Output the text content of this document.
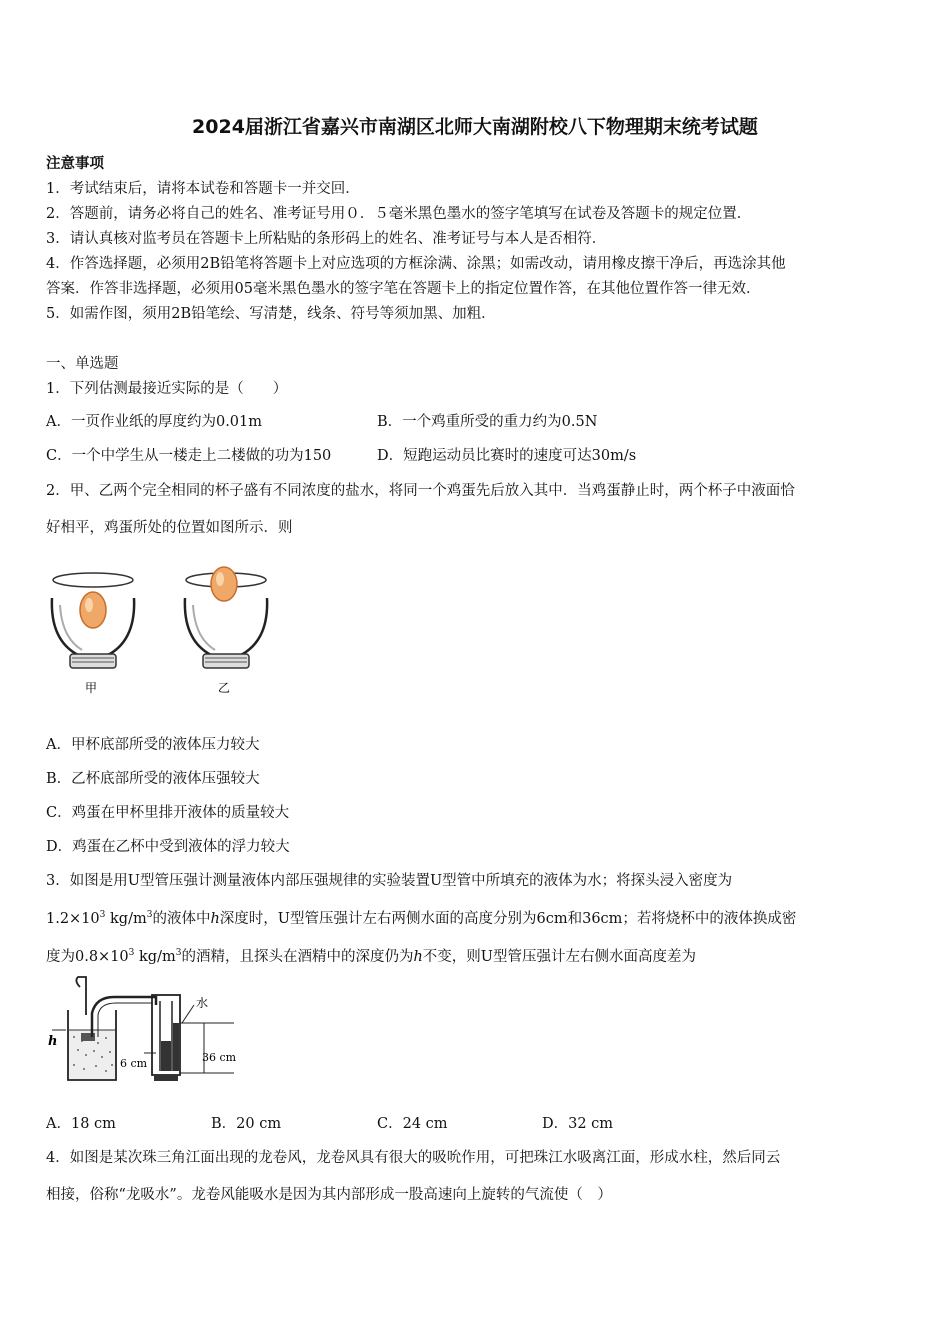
2024届浙江省嘉兴市南湖区北师大南湖附校八下物理期末统考试题
注意事项
1．考试结束后，请将本试卷和答题卡一并交回．
2．答题前，请务必将自己的姓名、准考证号用０．５毫米黑色墨水的签字笔填写在试卷及答题卡的规定位置．
3．请认真核对监考员在答题卡上所粘贴的条形码上的姓名、准考证号与本人是否相符．
4．作答选择题，必须用2B铅笔将答题卡上对应选项的方框涂满、涂黑；如需改动，请用橡皮擦干净后，再选涂其他
答案．作答非选择题，必须用05毫米黑色墨水的签字笔在答题卡上的指定位置作答，在其他位置作答一律无效．
5．如需作图，须用2B铅笔绘、写清楚，线条、符号等须加黑、加粗．
一、单选题
1．下列估测最接近实际的是（　　）
A．一页作业纸的厚度约为0.01m	B．一个鸡重所受的重力约为0.5N
C．一个中学生从一楼走上二楼做的功为150	D．短跑运动员比赛时的速度可达30m/s
2．甲、乙两个完全相同的杯子盛有不同浓度的盐水，将同一个鸡蛋先后放入其中．当鸡蛋静止时，两个杯子中液面恰
好相平，鸡蛋所处的位置如图所示．则
甲	乙
A．甲杯底部所受的液体压力较大
B．乙杯底部所受的液体压强较大
C．鸡蛋在甲杯里排开液体的质量较大
D．鸡蛋在乙杯中受到液体的浮力较大
3．如图是用U型管压强计测量液体内部压强规律的实验装置U型管中所填充的液体为水；将探头浸入密度为
$1.2\times 10^3$ $kg/m^3$的液体中h深度时，U型管压强计左右两侧水面的高度分别为6cm和36cm；若将烧杯中的液体换成密
度为$0.8\times 10^3$ $kg/m^3$的酒精，且探头在酒精中的深度仍为h不变，则U型管压强计左右侧水面高度差为
h
水
6 cm	36 cm
A．18 cm	B．20 cm	C．24 cm	D．32 cm
4．如图是某次珠三角江面出现的龙卷风，龙卷风具有很大的吸吮作用，可把珠江水吸离江面，形成水柱，然后同云
相接，俗称“龙吸水”。龙卷风能吸水是因为其内部形成一股高速向上旋转的气流使（　）
